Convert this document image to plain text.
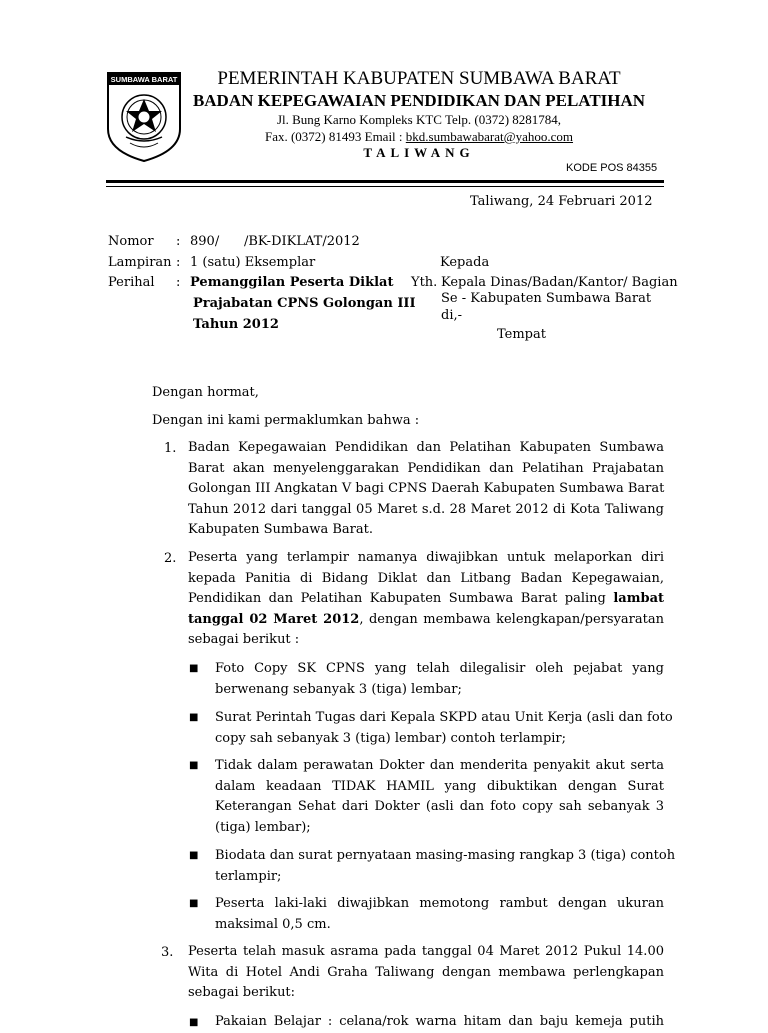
SUMBAWA BARAT	PEMERINTAH KABUPATEN SUMBAWA BARAT
BADAN KEPEGAWAIAN PENDIDIKAN DAN PELATIHAN
Jl. Bung Karno Kompleks KTC Telp. (0372) 8281784,
Fax. (0372) 81493 Email : bkd.sumbawabarat@yahoo.com
TALIWANG
KODE POS 84355
Taliwang, 24 Februari 2012
Nomor : 890/      /BK-DIKLAT/2012
Lampiran : 1 (satu) Eksemplar
Perihal : Pemanggilan Peserta Diklat
Prajabatan CPNS Golongan III
Tahun 2012
Kepada
Yth. Kepala Dinas/Badan/Kantor/ Bagian
Se - Kabupaten Sumbawa Barat
di,-
Tempat
Dengan hormat,
Dengan ini kami permaklumkan bahwa :
1. Badan Kepegawaian Pendidikan dan Pelatihan Kabupaten Sumbawa
Barat akan menyelenggarakan Pendidikan dan Pelatihan Prajabatan
Golongan III Angkatan V bagi CPNS Daerah Kabupaten Sumbawa Barat
Tahun 2012 dari tanggal 05 Maret s.d. 28 Maret 2012 di Kota Taliwang
Kabupaten Sumbawa Barat.
2. Peserta yang terlampir namanya diwajibkan untuk melaporkan diri
kepada Panitia di Bidang Diklat dan Litbang Badan Kepegawaian,
Pendidikan dan Pelatihan Kabupaten Sumbawa Barat paling lambat
tanggal 02 Maret 2012, dengan membawa kelengkapan/persyaratan
sebagai berikut :
■ Foto Copy SK CPNS yang telah dilegalisir oleh pejabat yang
berwenang sebanyak 3 (tiga) lembar;
■ Surat Perintah Tugas dari Kepala SKPD atau Unit Kerja (asli dan foto
copy sah sebanyak 3 (tiga) lembar) contoh terlampir;
■ Tidak dalam perawatan Dokter dan menderita penyakit akut serta
dalam keadaan TIDAK HAMIL yang dibuktikan dengan Surat
Keterangan Sehat dari Dokter (asli dan foto copy sah sebanyak 3
(tiga) lembar);
■ Biodata dan surat pernyataan masing-masing rangkap 3 (tiga) contoh
terlampir;
■ Peserta laki-laki diwajibkan memotong rambut dengan ukuran
maksimal 0,5 cm.
3. Peserta telah masuk asrama pada tanggal 04 Maret 2012 Pukul 14.00
Wita di Hotel Andi Graha Taliwang dengan membawa perlengkapan
sebagai berikut:
■ Pakaian Belajar : celana/rok warna hitam dan baju kemeja putih
